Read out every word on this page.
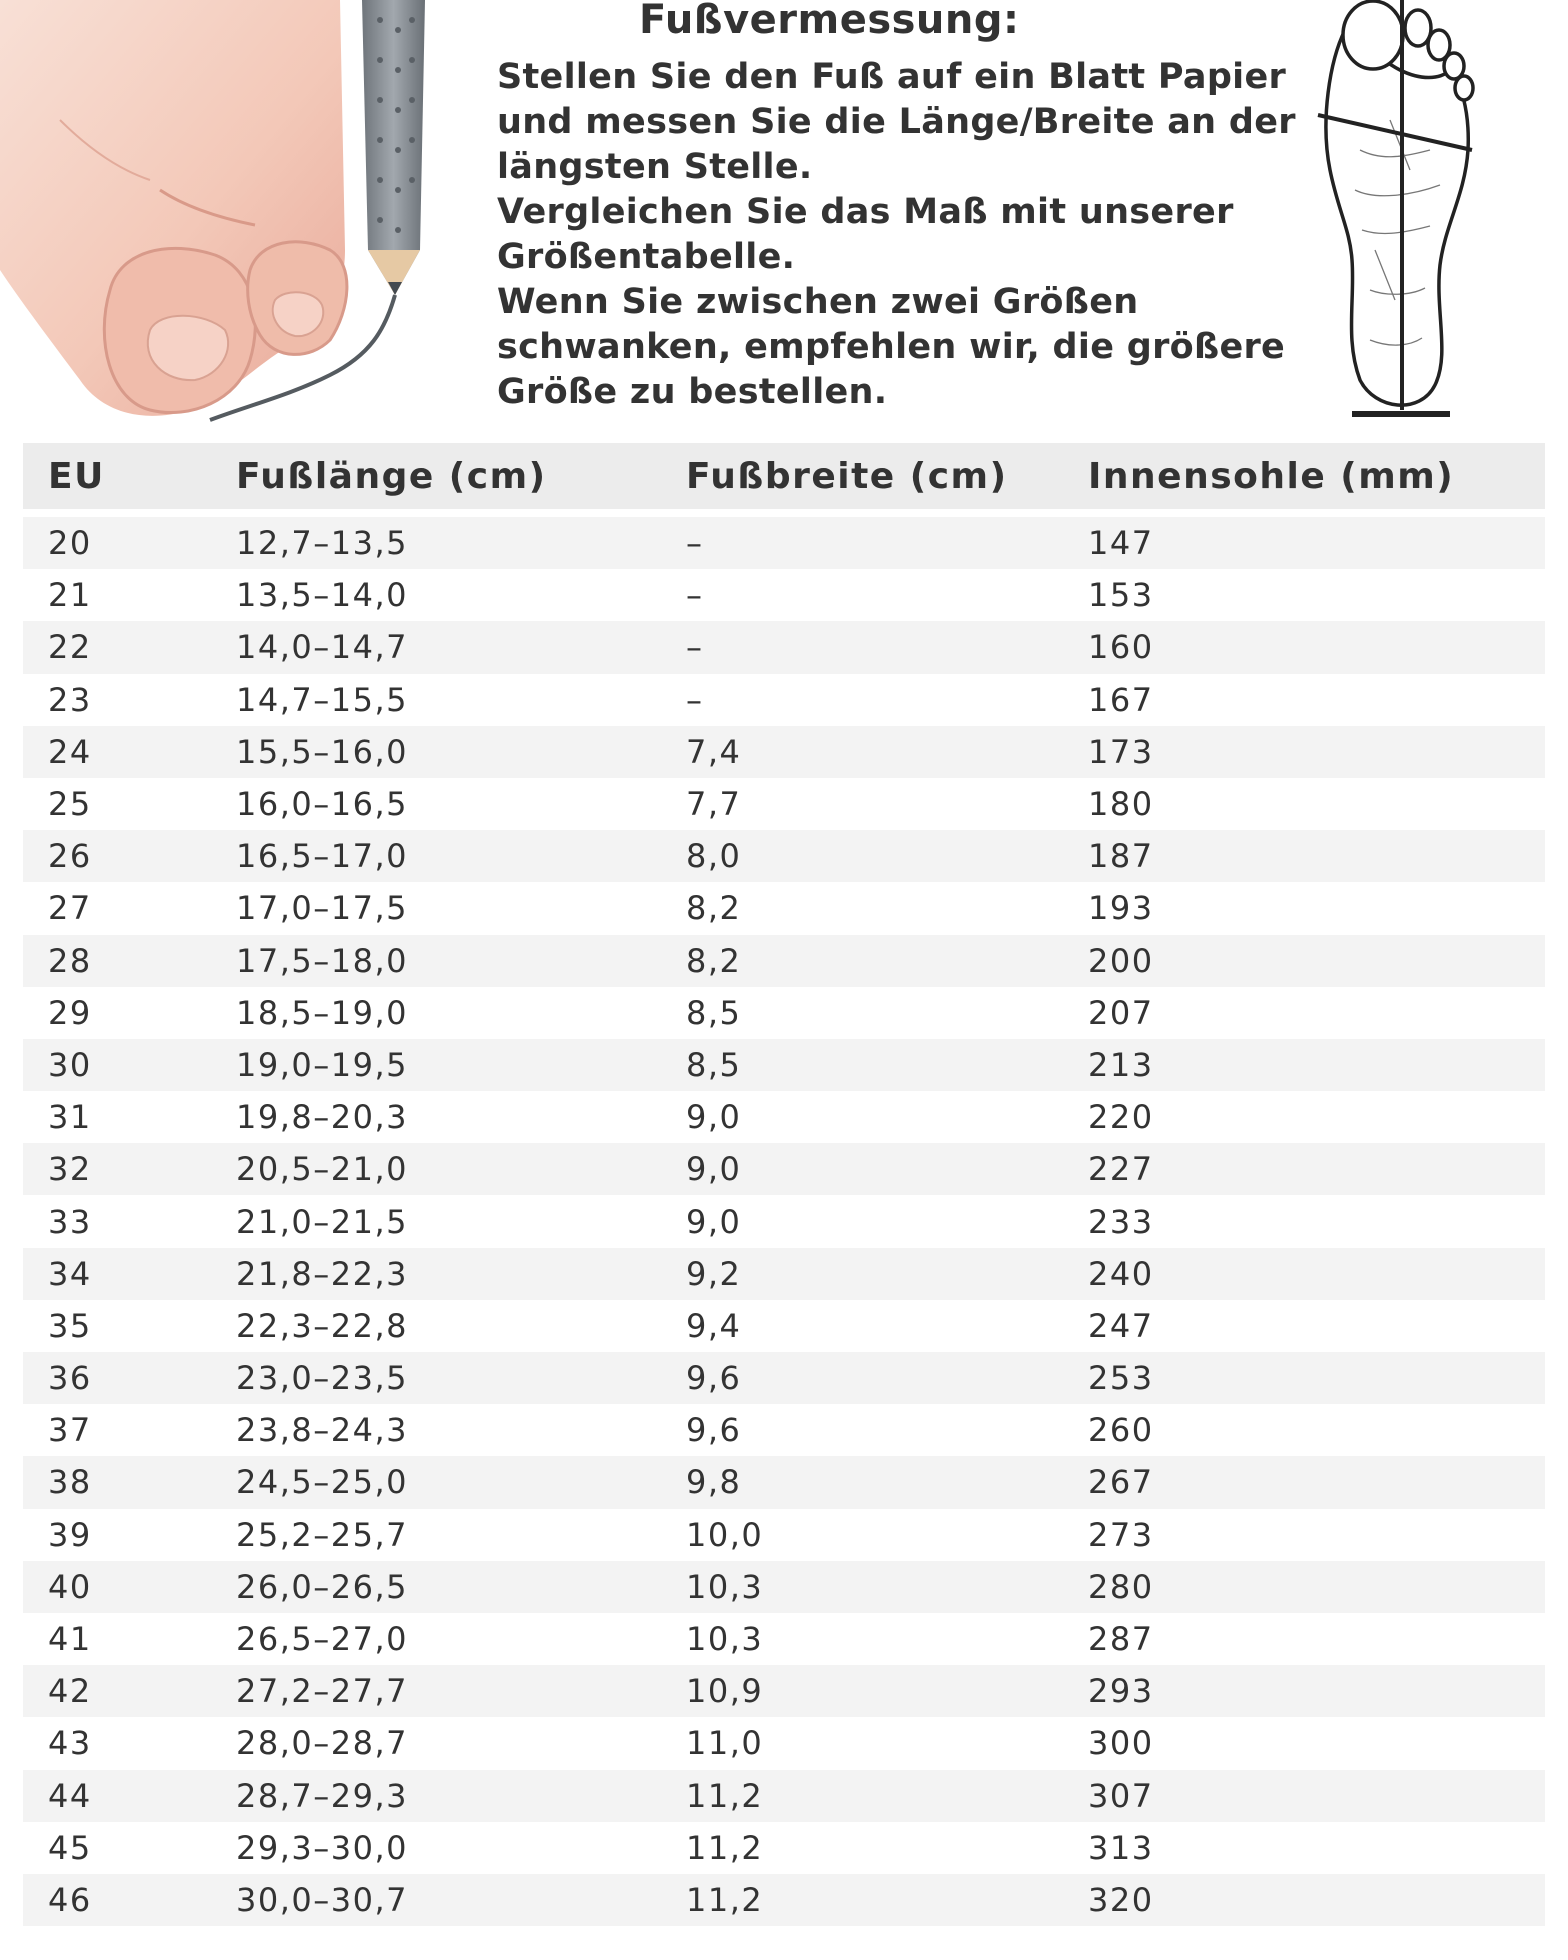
Fußvermessung:
Stellen Sie den Fuß auf ein Blatt Papier
und messen Sie die Länge/Breite an der
längsten Stelle.
Vergleichen Sie das Maß mit unserer
Größentabelle.
Wenn Sie zwischen zwei Größen
schwanken, empfehlen wir, die größere
Größe zu bestellen.
EU	Fußlänge (cm)	Fußbreite (cm)	Innensohle (mm)

20	12,7–13,5	–	147
21	13,5–14,0	–	153
22	14,0–14,7	–	160
23	14,7–15,5	–	167
24	15,5–16,0	7,4	173
25	16,0–16,5	7,7	180
26	16,5–17,0	8,0	187
27	17,0–17,5	8,2	193
28	17,5–18,0	8,2	200
29	18,5–19,0	8,5	207
30	19,0–19,5	8,5	213
31	19,8–20,3	9,0	220
32	20,5–21,0	9,0	227
33	21,0–21,5	9,0	233
34	21,8–22,3	9,2	240
35	22,3–22,8	9,4	247
36	23,0–23,5	9,6	253
37	23,8–24,3	9,6	260
38	24,5–25,0	9,8	267
39	25,2–25,7	10,0	273
40	26,0–26,5	10,3	280
41	26,5–27,0	10,3	287
42	27,2–27,7	10,9	293
43	28,0–28,7	11,0	300
44	28,7–29,3	11,2	307
45	29,3–30,0	11,2	313
46	30,0–30,7	11,2	320
